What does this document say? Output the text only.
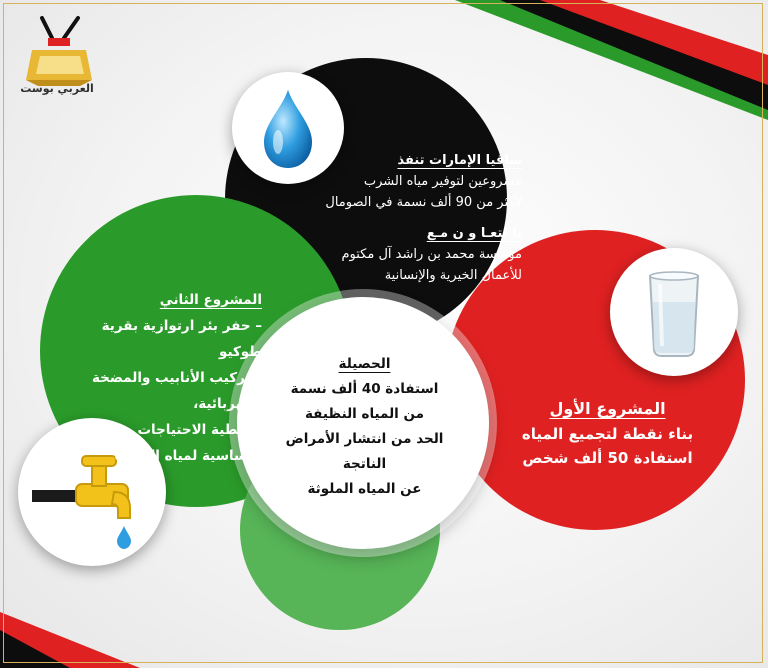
العربي بوست

ساقيا الإمارات تنفذ

مشروعين لتوفير مياه الشرب

لأكثر من 90 ألف نسمة في الصومال

با لتعـا و ن مـع

مؤسسة محمد بن راشد آل مكتوم

للأعمال الخيرية والإنسانية

المشروع الثاني

– حفر بئر ارتوازية بقرية طوكيو

– تركيب الأنابيب والمضخة

الكهربائية،

– تغطية الاحتياجات

الأساسية لمياه الشرب

المشروع الأول

بناء نقطة لتجميع المياه

استفادة 50 ألف شخص

الحصيلة

استفادة 40 ألف نسمة

من المياه النظيفة

الحد من انتشار الأمراض الناتجة

عن المياه الملوثة
